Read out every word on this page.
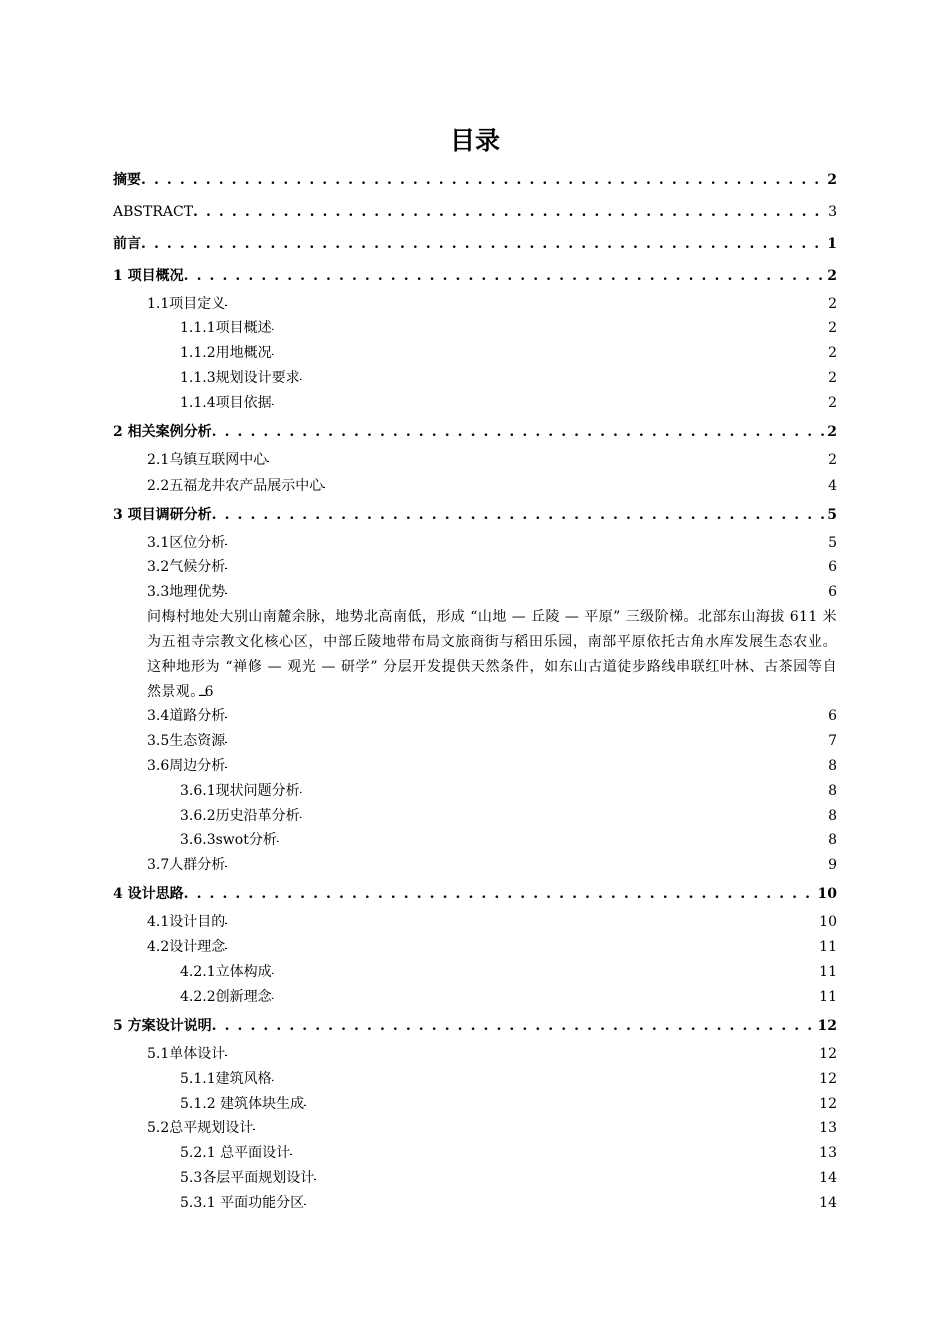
目录
摘要 . . .	2
ABSTRACT . . .	3
前言 . . .	1
1 项目概况 . . .	2
1.1项目定义 . . .	2
1.1.1项目概述 . . .	2
1.1.2用地概况 . . .	2
1.1.3规划设计要求 . . .	2
1.1.4项目依据 . . .	2
2 相关案例分析 . . .	2
2.1乌镇互联网中心 . . .	2
2.2五福龙井农产品展示中心 . . .	4
3 项目调研分析 . . .	5
3.1区位分析 . . .	5
3.2气候分析 . . .	6
3.3地理优势 . . .	6
问梅村地处大别山南麓余脉，地势北高南低，形成 “山地 — 丘陵 — 平原” 三级阶梯。北部东山海拔 611 米为五祖寺宗教文化核心区，中部丘陵地带布局文旅商街与稻田乐园，南部平原依托古角水库发展生态农业。这种地形为 “禅修 — 观光 — 研学” 分层开发提供天然条件，如东山古道徒步路线串联红叶林、古茶园等自然景观。6
3.4道路分析 . . .	6
3.5生态资源 . . .	7
3.6周边分析 . . .	8
3.6.1现状问题分析 . . .	8
3.6.2历史沿革分析 . . .	8
3.6.3swot分析 . . .	8
3.7人群分析 . . .	9
4 设计思路 . . .	10
4.1设计目的 . . .	10
4.2设计理念 . . .	11
4.2.1立体构成 . . .	11
4.2.2创新理念 . . .	11
5 方案设计说明 . . .	12
5.1单体设计 . . .	12
5.1.1建筑风格 . . .	12
5.1.2 建筑体块生成 . . .	12
5.2总平规划设计 . . .	13
5.2.1 总平面设计 . . .	13
5.3各层平面规划设计 . . .	14
5.3.1 平面功能分区 . . .	14
